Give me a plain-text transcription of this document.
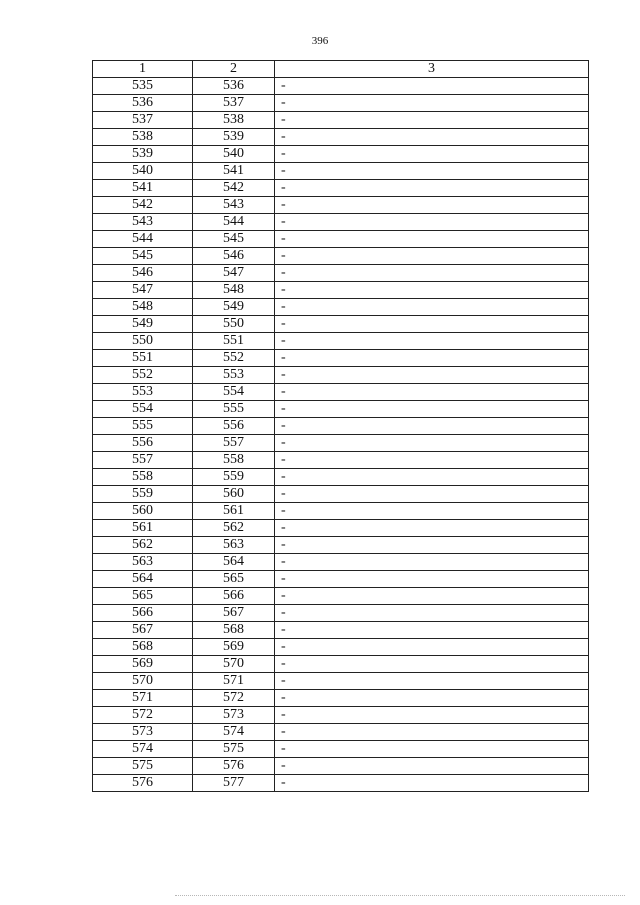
396
1	2	3
535	536	-
536	537	-
537	538	-
538	539	-
539	540	-
540	541	-
541	542	-
542	543	-
543	544	-
544	545	-
545	546	-
546	547	-
547	548	-
548	549	-
549	550	-
550	551	-
551	552	-
552	553	-
553	554	-
554	555	-
555	556	-
556	557	-
557	558	-
558	559	-
559	560	-
560	561	-
561	562	-
562	563	-
563	564	-
564	565	-
565	566	-
566	567	-
567	568	-
568	569	-
569	570	-
570	571	-
571	572	-
572	573	-
573	574	-
574	575	-
575	576	-
576	577	-
